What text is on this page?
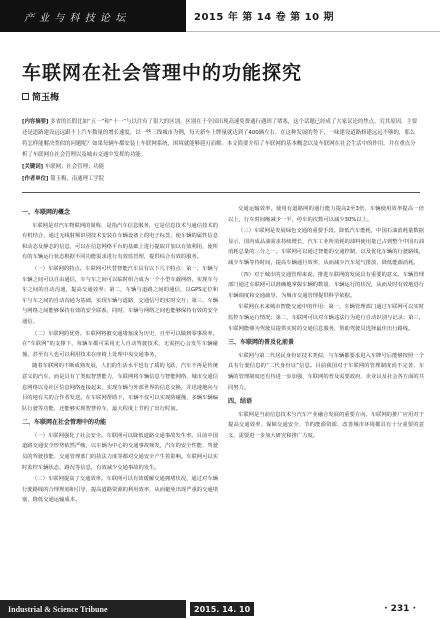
产 业 与 科 技 论 坛	2015 年 第 14 卷 第 10 期
车联网在社会管理中的功能探究
简玉梅

[内容摘要] 多省的长假比如“五一”和“十一”与以往有了很大的区别，区别在于全国出现高速免费通行遇到了堵塞，这个话题已经成了大家议论的焦点。究其原因，主要还是道路建设远远跟不上汽车数量的增长速度，以一些三线城市为例，每天新车上牌量就达到了400辆左右。在这种发展的势下，一味建设道路修建远远不够的，那么将怎样能解决类似的问题呢？如果每辆车都安装上车联网系统，困境就能够迎刃而解。本文简要介绍了车联网的基本概念以及车联网在社会生活中的作用，并在重点分析了车联网在社会管理以及城市交通中发挥的功能。

[关键词] 车联网；社会管理；功能

[作者单位] 简玉梅，南通理工学院

一、车联网的概念

车联网是对汽车物联网的简称，是指汽车信息服务，它是信息技术与通信技术的有机结合，通过无线射频识别技术安装在车辆设备上的电子标签，使车辆的属性信息和动态及静态的信息，可以在信息网络平台的基础上进行提取并加以有效利用，使所有的车辆运行状态根据不同功能需求进行有效监管理，提供综合有效的服务。

（一）车联网的特点。车联网可代替智能汽车具有以下几个特点：第一，车辆与车辆之间可以自由通信，车与车之间可以临时组合成为一个小型车载网络，实现车与车之间的自动沟通，提高交通效率；第二，车辆与道路之间的通信，以GPS定位和车与车之间的自动沟通为基础，实现车辆与道路、交通信号的实时交互；第三，车辆与网络之间能够保持有效的安全联系，同时，车辆与网络之间也能够保持有效的安全通信。

（二）车联网的优势。车联网将被交通堵塞成为历史，且至可以做到零事故率。在“车联网”的支撑下，每辆车都可采用无人自动驾驶技术，无需担心会发生车辆碰撞，甚至有人也可以利用技术在座椅上处理中央交通事务。

随着车联网的不断成熟发展，人们的生活水平也有了质的飞跃，汽车不再是传统意义的汽车，而是具有了类似智慧能力，车联网将车辆信息与智能网络、城市交通信息网络以及社区信息网络连接起来，实现车辆与外部世界的信息交换，并迅速地向与目的地有关的合作者发送。在车联网帮助下，车辆不仅可以实现防碰撞、多辆车辆编队行驶等功能，还能够实现智慧停车，最大程度上节约了出行时间。

二、车联网在社会管理中的功能

（一）车联网强化了社会安全。车联网可以降低道路交通事故发生率。目前中国道路交通安全形势依然严峻，以车辆为中心的交通事故频发，汽车的安全性能、驾驶员的驾驶技能、交通管理部门的执法力度等都对交通安全产生着影响。车联网可以实时监控车辆状态、路况等信息，有效减少交通事故的发生。

（二）车联网提高了交通效率。车联网可以有效缓解交通拥堵状况，通过对车辆行驶路线的合理规划和引导，提高道路资源的利用效率，从而避免出现严重的交通堵塞，降低交通运输成本。

交通运输效率。使用有道路网的通行能力提高2至3倍，车辆使用效率提高一倍以上，行车时间缩减少一半，停车的次数可以减少30%以上。

（三）车联网是发展绿色交通的重要手段。降低汽车能耗，中国石油消耗量数据显示，国内成品油需求持续增长，汽车工业所消耗的油料使用量已占到整个中国石油消耗总量的三分之一。车联网可以通过智能的交通控制，以及优化车辆的行驶路线，减少车辆等待时间，提高车辆通行效率，从而减少汽车尾气排放，降低能源消耗。

（四）对于城市的交通管理来说，推进车联网的发展具有重要的意义。车辆管理部门通过车联网可以准确地掌握车辆的数量、车辆运行的状况，从而及时有效地进行车辆调度和交通疏导，为城市交通管理提供科学依据。

车联网在未来城市智能交通中的作用：第一，车辆管理部门通过车联网可以实时监控车辆运行情况；第二，车联网可以对车辆违法行为进行自动识别与记录；第三，车联网能够为驾驶员提供实时的交通信息服务，帮助驾驶员选择最佳出行路线。

三、车联网的普及化前景

车联网与第二代居民身份证技术类似，与车辆都要求进入车牌号后能够按照一个具有行驶信息的“二代身份证”信息。目前我国对于车联网的管理制度尚不完善，车辆的管理制度还有待进一步加强，车联网的普及需要政府、企业以及社会各方面的共同努力。

四、结语

车联网是当前信息技术与汽车产业融合发展的重要方向。车联网的推广应用对于提高交通效率、保障交通安全、节约能源资源、改善城市环境都具有十分重要的意义，需要进一步加大研究和推广力度。

Industrial & Science Tribune	2015. 14. 10	· 231 ·
